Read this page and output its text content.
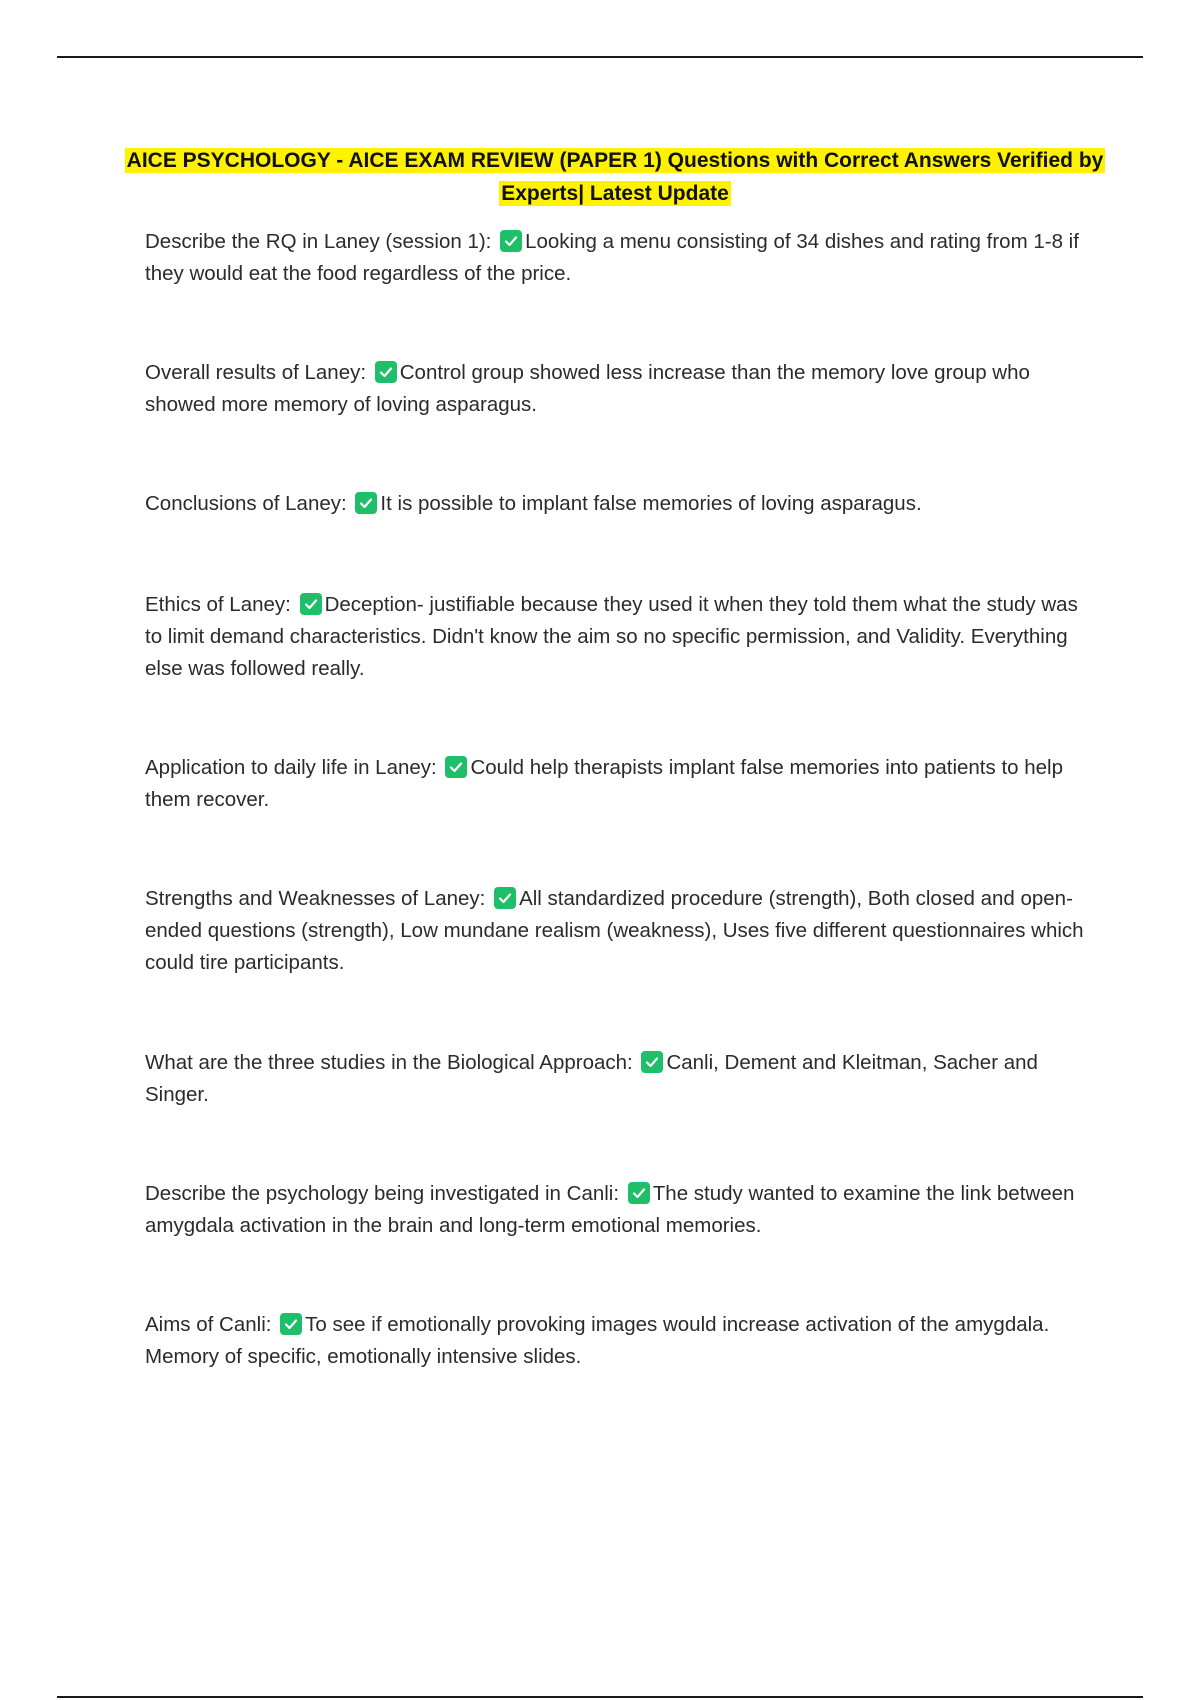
AICE PSYCHOLOGY - AICE EXAM REVIEW (PAPER 1) Questions with Correct Answers Verified by Experts| Latest Update

Describe the RQ in Laney (session 1): Looking a menu consisting of 34 dishes and rating from 1-8 if they would eat the food regardless of the price.

Overall results of Laney: Control group showed less increase than the memory love group who showed more memory of loving asparagus.

Conclusions of Laney: It is possible to implant false memories of loving asparagus.

Ethics of Laney: Deception- justifiable because they used it when they told them what the study was to limit demand characteristics. Didn't know the aim so no specific permission, and Validity. Everything else was followed really.

Application to daily life in Laney: Could help therapists implant false memories into patients to help them recover.

Strengths and Weaknesses of Laney: All standardized procedure (strength), Both closed and open-ended questions (strength), Low mundane realism (weakness), Uses five different questionnaires which could tire participants.

What are the three studies in the Biological Approach: Canli, Dement and Kleitman, Sacher and Singer.

Describe the psychology being investigated in Canli: The study wanted to examine the link between amygdala activation in the brain and long-term emotional memories.

Aims of Canli: To see if emotionally provoking images would increase activation of the amygdala. Memory of specific, emotionally intensive slides.
